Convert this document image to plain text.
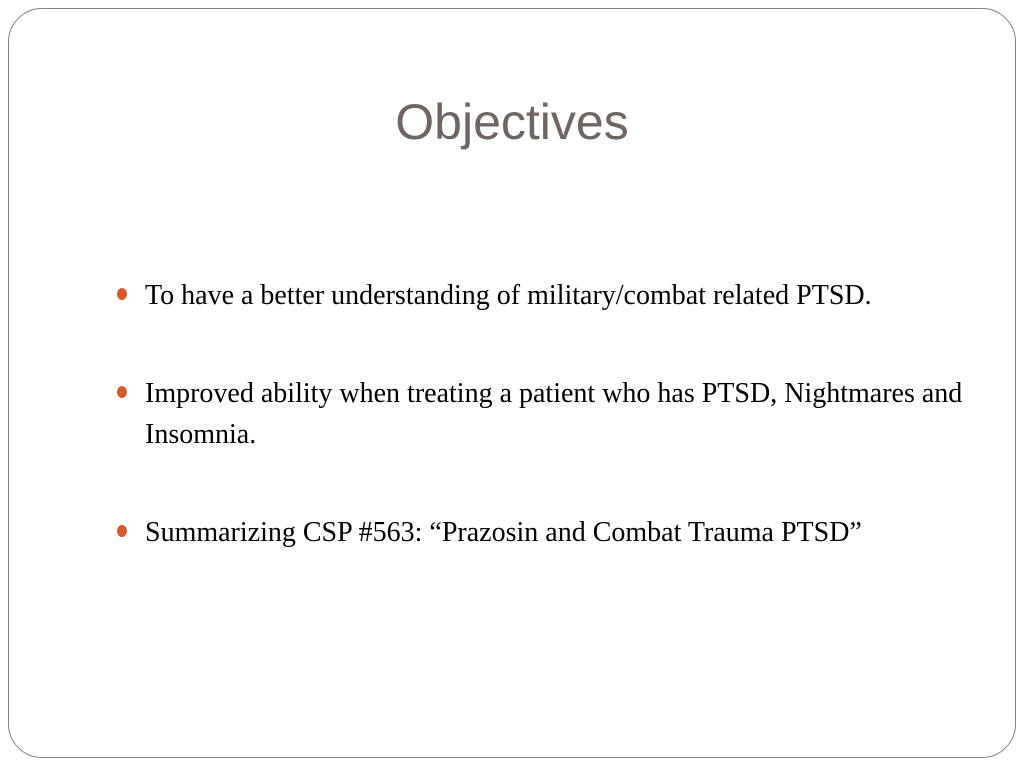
Objectives
To have a better understanding of military/combat related PTSD.
Improved ability when treating a patient who has PTSD, Nightmares and Insomnia.
Summarizing CSP #563: “Prazosin and Combat Trauma PTSD”
